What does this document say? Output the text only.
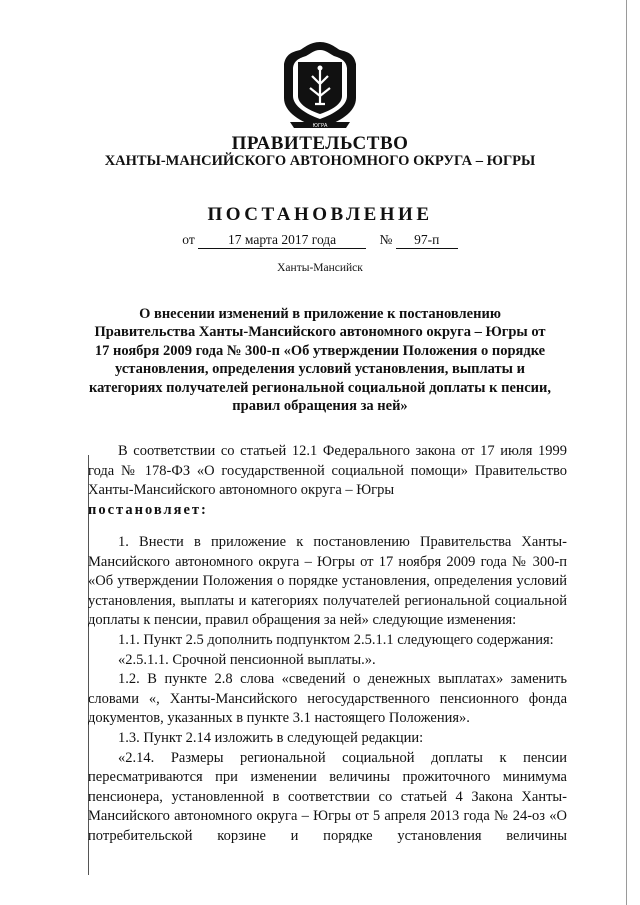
ЮГРА
ПРАВИТЕЛЬСТВО
ХАНТЫ-МАНСИЙСКОГО АВТОНОМНОГО ОКРУГА – ЮГРЫ
ПОСТАНОВЛЕНИЕ
от 17 марта 2017 года	№ 97-п
Ханты-Мансийск
О внесении изменений в приложение к постановлению Правительства Ханты-Мансийского автономного округа – Югры от 17 ноября 2009 года № 300-п «Об утверждении Положения о порядке установления, определения условий установления, выплаты и категориях получателей региональной социальной доплаты к пенсии, правил обращения за ней»

В соответствии со статьей 12.1 Федерального закона от 17 июля 1999 года № 178-ФЗ «О государственной социальной помощи» Правительство Ханты-Мансийского автономного округа – Югры

постановляет:

1. Внести в приложение к постановлению Правительства Ханты-Мансийского автономного округа – Югры от 17 ноября 2009 года № 300-п «Об утверждении Положения о порядке установления, определения условий установления, выплаты и категориях получателей региональной социальной доплаты к пенсии, правил обращения за ней» следующие изменения:

1.1. Пункт 2.5 дополнить подпунктом 2.5.1.1 следующего содержания:

«2.5.1.1. Срочной пенсионной выплаты.».

1.2. В пункте 2.8 слова «сведений о денежных выплатах» заменить словами «, Ханты-Мансийского негосударственного пенсионного фонда документов, указанных в пункте 3.1 настоящего Положения».

1.3. Пункт 2.14 изложить в следующей редакции:

«2.14. Размеры региональной социальной доплаты к пенсии пересматриваются при изменении величины прожиточного минимума пенсионера, установленной в соответствии со статьей 4 Закона Ханты-Мансийского автономного округа – Югры от 5 апреля 2013 года № 24-оз «О потребительской корзине и порядке установления величины
